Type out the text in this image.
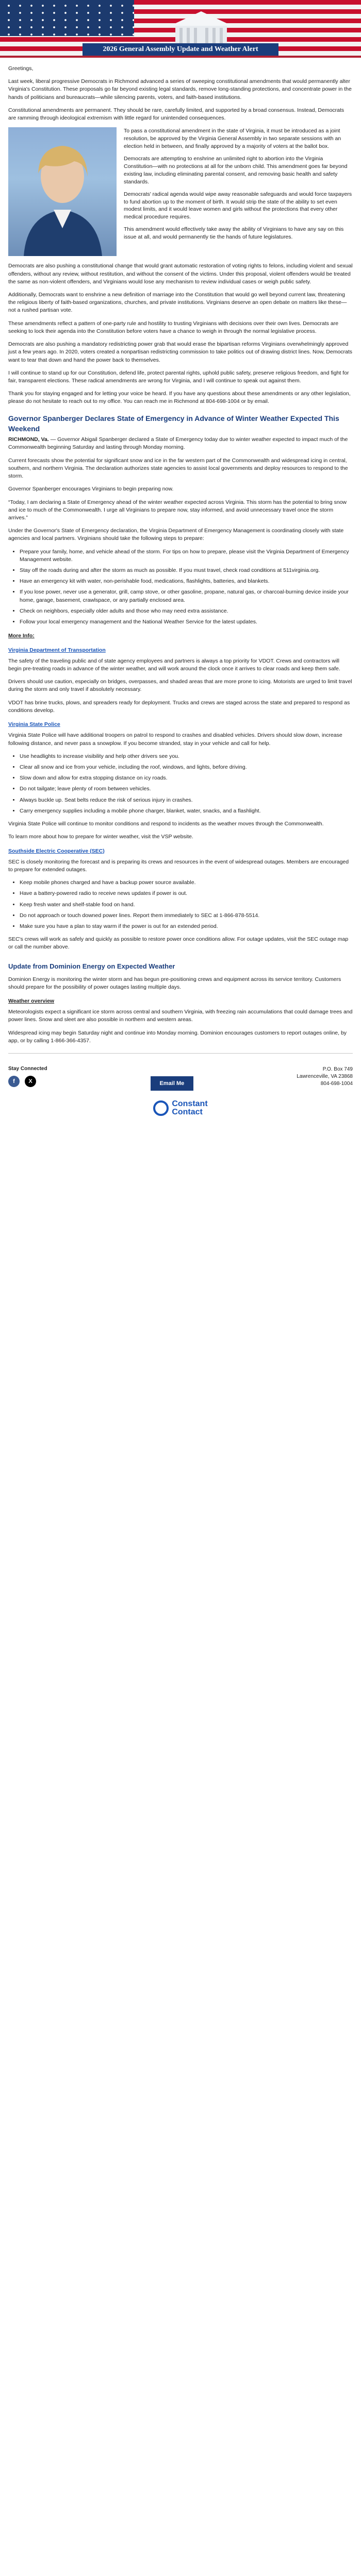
2026 General Assembly Update and Weather Alert

Greetings,

Last week, liberal progressive Democrats in Richmond advanced a series of sweeping constitutional amendments that would permanently alter Virginia's Constitution. These proposals go far beyond existing legal standards, remove long-standing protections, and concentrate power in the hands of politicians and bureaucrats—while silencing parents, voters, and faith-based institutions.

Constitutional amendments are permanent. They should be rare, carefully limited, and supported by a broad consensus. Instead, Democrats are ramming through ideological extremism with little regard for unintended consequences.

To pass a constitutional amendment in the state of Virginia, it must be introduced as a joint resolution, be approved by the Virginia General Assembly in two separate sessions with an election held in between, and finally approved by a majority of voters at the ballot box.

Democrats are attempting to enshrine an unlimited right to abortion into the Virginia Constitution—with no protections at all for the unborn child. This amendment goes far beyond existing law, including eliminating parental consent, and removing basic health and safety standards.

Democrats' radical agenda would wipe away reasonable safeguards and would force taxpayers to fund abortion up to the moment of birth. It would strip the state of the ability to set even modest limits, and it would leave women and girls without the protections that every other medical procedure requires.

This amendment would effectively take away the ability of Virginians to have any say on this issue at all, and would permanently tie the hands of future legislatures.

Democrats are also pushing a constitutional change that would grant automatic restoration of voting rights to felons, including violent and sexual offenders, without any review, without restitution, and without the consent of the victims. Under this proposal, violent offenders would be treated the same as non-violent offenders, and Virginians would lose any mechanism to review individual cases or weigh public safety.

Additionally, Democrats want to enshrine a new definition of marriage into the Constitution that would go well beyond current law, threatening the religious liberty of faith-based organizations, churches, and private institutions. Virginians deserve an open debate on matters like these—not a rushed partisan vote.

These amendments reflect a pattern of one-party rule and hostility to trusting Virginians with decisions over their own lives. Democrats are seeking to lock their agenda into the Constitution before voters have a chance to weigh in through the normal legislative process.

Democrats are also pushing a mandatory redistricting power grab that would erase the bipartisan reforms Virginians overwhelmingly approved just a few years ago. In 2020, voters created a nonpartisan redistricting commission to take politics out of drawing district lines. Now, Democrats want to tear that down and hand the power back to themselves.

I will continue to stand up for our Constitution, defend life, protect parental rights, uphold public safety, preserve religious freedom, and fight for fair, transparent elections. These radical amendments are wrong for Virginia, and I will continue to speak out against them.

Thank you for staying engaged and for letting your voice be heard. If you have any questions about these amendments or any other legislation, please do not hesitate to reach out to my office. You can reach me in Richmond at 804-698-1004 or by email.

Governor Spanberger Declares State of Emergency in Advance of Winter Weather Expected This Weekend

RICHMOND, Va. — Governor Abigail Spanberger declared a State of Emergency today due to winter weather expected to impact much of the Commonwealth beginning Saturday and lasting through Monday morning.

Current forecasts show the potential for significant snow and ice in the far western part of the Commonwealth and widespread icing in central, southern, and northern Virginia. The declaration authorizes state agencies to assist local governments and deploy resources to respond to the storm.

Governor Spanberger encourages Virginians to begin preparing now.

“Today, I am declaring a State of Emergency ahead of the winter weather expected across Virginia. This storm has the potential to bring snow and ice to much of the Commonwealth. I urge all Virginians to prepare now, stay informed, and avoid unnecessary travel once the storm arrives.”

Under the Governor's State of Emergency declaration, the Virginia Department of Emergency Management is coordinating closely with state agencies and local partners. Virginians should take the following steps to prepare:

• Prepare your family, home, and vehicle ahead of the storm. For tips on how to prepare, please visit the Virginia Department of Emergency Management website.
• Stay off the roads during and after the storm as much as possible. If you must travel, check road conditions at 511virginia.org.
• Have an emergency kit with water, non-perishable food, medications, flashlights, batteries, and blankets.
• If you lose power, never use a generator, grill, camp stove, or other gasoline, propane, natural gas, or charcoal-burning device inside your home, garage, basement, crawlspace, or any partially enclosed area.
• Check on neighbors, especially older adults and those who may need extra assistance.
• Follow your local emergency management and the National Weather Service for the latest updates.
More Info:
Virginia Department of Transportation

The safety of the traveling public and of state agency employees and partners is always a top priority for VDOT. Crews and contractors will begin pre-treating roads in advance of the winter weather, and will work around the clock once it arrives to clear roads and keep them safe.

Drivers should use caution, especially on bridges, overpasses, and shaded areas that are more prone to icing. Motorists are urged to limit travel during the storm and only travel if absolutely necessary.

VDOT has brine trucks, plows, and spreaders ready for deployment. Trucks and crews are staged across the state and prepared to respond as conditions develop.

Virginia State Police

Virginia State Police will have additional troopers on patrol to respond to crashes and disabled vehicles. Drivers should slow down, increase following distance, and never pass a snowplow. If you become stranded, stay in your vehicle and call for help.

• Use headlights to increase visibility and help other drivers see you.
• Clear all snow and ice from your vehicle, including the roof, windows, and lights, before driving.
• Slow down and allow for extra stopping distance on icy roads.
• Do not tailgate; leave plenty of room between vehicles.
• Always buckle up. Seat belts reduce the risk of serious injury in crashes.
• Carry emergency supplies including a mobile phone charger, blanket, water, snacks, and a flashlight.

Virginia State Police will continue to monitor conditions and respond to incidents as the weather moves through the Commonwealth.

To learn more about how to prepare for winter weather, visit the VSP website.

Southside Electric Cooperative (SEC)

SEC is closely monitoring the forecast and is preparing its crews and resources in the event of widespread outages. Members are encouraged to prepare for extended outages.

• Keep mobile phones charged and have a backup power source available.
• Have a battery-powered radio to receive news updates if power is out.
• Keep fresh water and shelf-stable food on hand.
• Do not approach or touch downed power lines. Report them immediately to SEC at 1-866-878-5514.
• Make sure you have a plan to stay warm if the power is out for an extended period.

SEC's crews will work as safely and quickly as possible to restore power once conditions allow. For outage updates, visit the SEC outage map or call the number above.

Update from Dominion Energy on Expected Weather

Dominion Energy is monitoring the winter storm and has begun pre-positioning crews and equipment across its service territory. Customers should prepare for the possibility of power outages lasting multiple days.

Weather overview

Meteorologists expect a significant ice storm across central and southern Virginia, with freezing rain accumulations that could damage trees and power lines. Snow and sleet are also possible in northern and western areas.

Widespread icing may begin Saturday night and continue into Monday morning. Dominion encourages customers to report outages online, by app, or by calling 1-866-366-4357.

Stay Connected
f	X	Email Me
P.O. Box 749
Lawrenceville, VA 23868
804-698-1004
Constant
Contact
